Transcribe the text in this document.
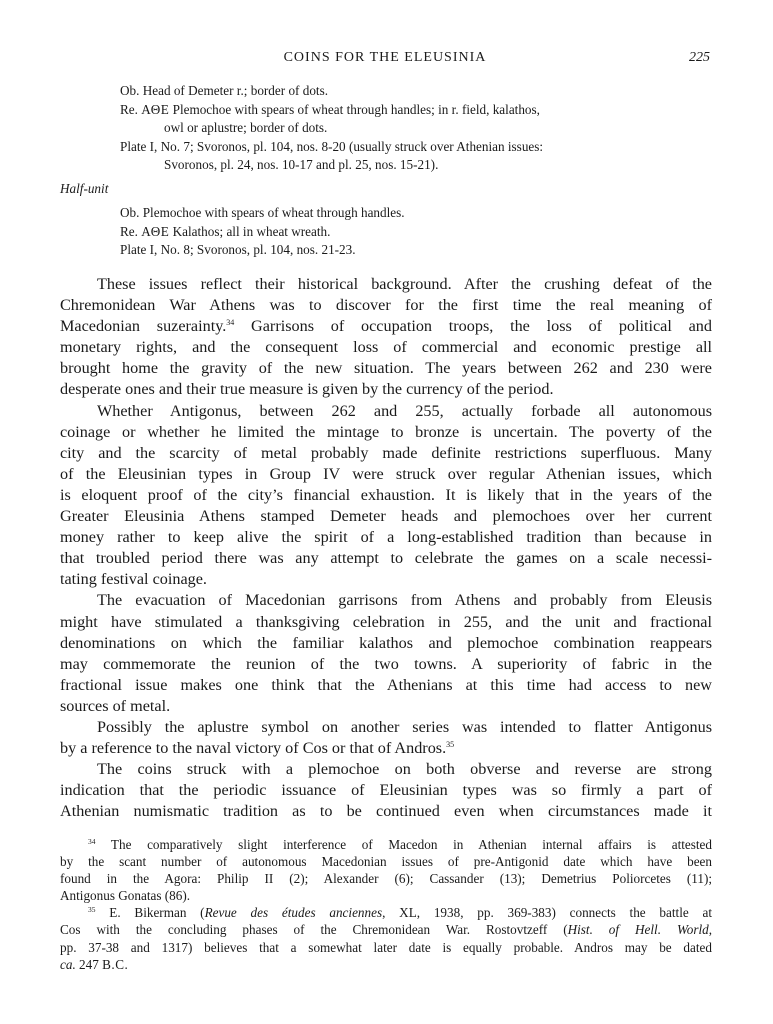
COINS FOR THE ELEUSINIA	225
Ob. Head of Demeter r.; border of dots.
Re. ΑΘΕ Plemochoe with spears of wheat through handles; in r. field, kalathos,
owl or aplustre; border of dots.
Plate I, No. 7; Svoronos, pl. 104, nos. 8-20 (usually struck over Athenian issues:
Svoronos, pl. 24, nos. 10-17 and pl. 25, nos. 15-21).
Half-unit
Ob. Plemochoe with spears of wheat through handles.
Re. ΑΘΕ Kalathos; all in wheat wreath.
Plate I, No. 8; Svoronos, pl. 104, nos. 21-23.
These issues reflect their historical background. After the crushing defeat of the
Chremonidean War Athens was to discover for the first time the real meaning of
Macedonian suzerainty.$^{34}$ Garrisons of occupation troops, the loss of political and
monetary rights, and the consequent loss of commercial and economic prestige all
brought home the gravity of the new situation. The years between 262 and 230 were
desperate ones and their true measure is given by the currency of the period.
Whether Antigonus, between 262 and 255, actually forbade all autonomous
coinage or whether he limited the mintage to bronze is uncertain. The poverty of the
city and the scarcity of metal probably made definite restrictions superfluous. Many
of the Eleusinian types in Group IV were struck over regular Athenian issues, which
is eloquent proof of the city’s financial exhaustion. It is likely that in the years of the
Greater Eleusinia Athens stamped Demeter heads and plemochoes over her current
money rather to keep alive the spirit of a long-established tradition than because in
that troubled period there was any attempt to celebrate the games on a scale necessi-
tating festival coinage.
The evacuation of Macedonian garrisons from Athens and probably from Eleusis
might have stimulated a thanksgiving celebration in 255, and the unit and fractional
denominations on which the familiar kalathos and plemochoe combination reappears
may commemorate the reunion of the two towns. A superiority of fabric in the
fractional issue makes one think that the Athenians at this time had access to new
sources of metal.
Possibly the aplustre symbol on another series was intended to flatter Antigonus
by a reference to the naval victory of Cos or that of Andros.$^{35}$
The coins struck with a plemochoe on both obverse and reverse are strong
indication that the periodic issuance of Eleusinian types was so firmly a part of
Athenian numismatic tradition as to be continued even when circumstances made it
$^{34}$ The comparatively slight interference of Macedon in Athenian internal affairs is attested
by the scant number of autonomous Macedonian issues of pre-Antigonid date which have been
found in the Agora: Philip II (2); Alexander (6); Cassander (13); Demetrius Poliorcetes (11);
Antigonus Gonatas (86).
$^{35}$ E. Bikerman (Revue des études anciennes, XL, 1938, pp. 369-383) connects the battle at
Cos with the concluding phases of the Chremonidean War. Rostovtzeff (Hist. of Hell. World,
pp. 37-38 and 1317) believes that a somewhat later date is equally probable. Andros may be dated
ca. 247 B.C.
